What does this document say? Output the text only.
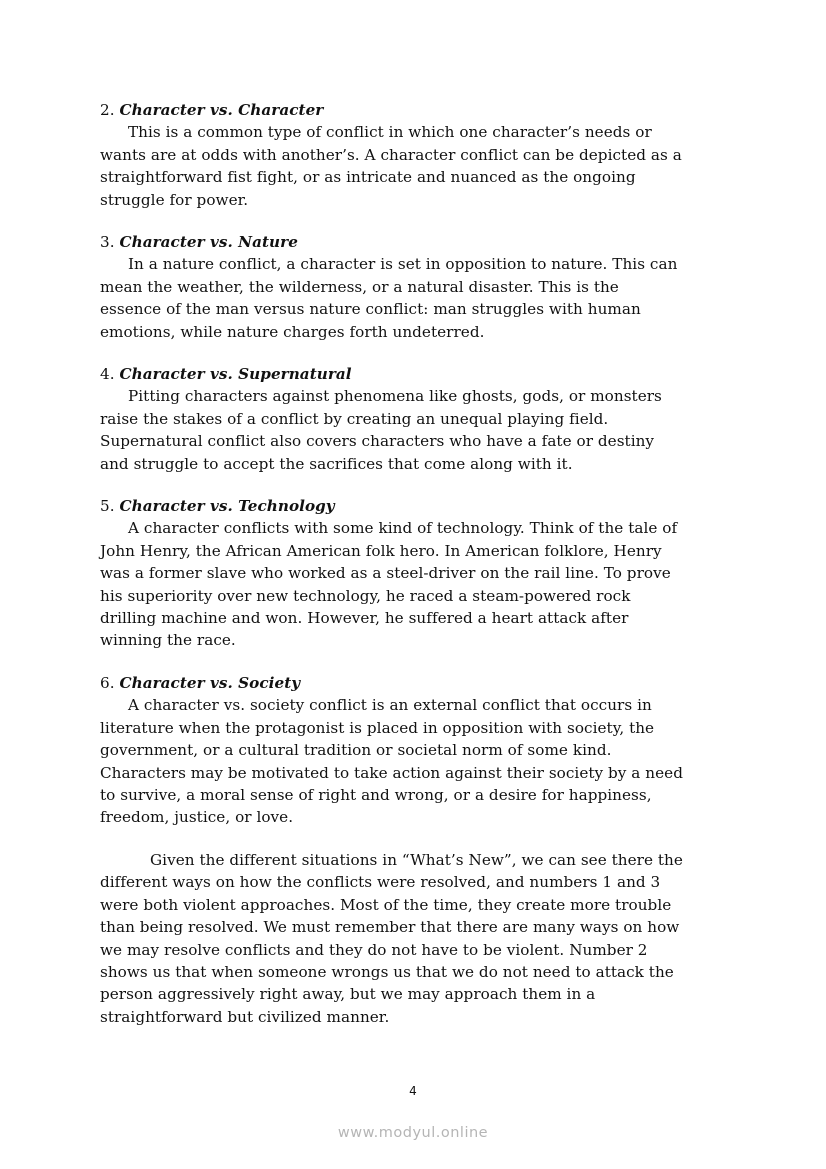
2. Character vs. Character
This is a common type of conflict in which one character’s needs or
wants are at odds with another’s. A character conflict can be depicted as a
straightforward fist fight, or as intricate and nuanced as the ongoing
struggle for power.
3. Character vs. Nature
In a nature conflict, a character is set in opposition to nature. This can
mean the weather, the wilderness, or a natural disaster. This is the
essence of the man versus nature conflict: man struggles with human
emotions, while nature charges forth undeterred.
4. Character vs. Supernatural
Pitting characters against phenomena like ghosts, gods, or monsters
raise the stakes of a conflict by creating an unequal playing field.
Supernatural conflict also covers characters who have a fate or destiny
and struggle to accept the sacrifices that come along with it.
5. Character vs. Technology
A character conflicts with some kind of technology. Think of the tale of
John Henry, the African American folk hero. In American folklore, Henry
was a former slave who worked as a steel-driver on the rail line. To prove
his superiority over new technology, he raced a steam-powered rock
drilling machine and won. However, he suffered a heart attack after
winning the race.
6. Character vs. Society
A character vs. society conflict is an external conflict that occurs in
literature when the protagonist is placed in opposition with society, the
government, or a cultural tradition or societal norm of some kind.
Characters may be motivated to take action against their society by a need
to survive, a moral sense of right and wrong, or a desire for happiness,
freedom, justice, or love.
Given the different situations in “What’s New”, we can see there the
different ways on how the conflicts were resolved, and numbers 1 and 3
were both violent approaches. Most of the time, they create more trouble
than being resolved. We must remember that there are many ways on how
we may resolve conflicts and they do not have to be violent. Number 2
shows us that when someone wrongs us that we do not need to attack the
person aggressively right away, but we may approach them in a
straightforward but civilized manner.
4
www.modyul.online
